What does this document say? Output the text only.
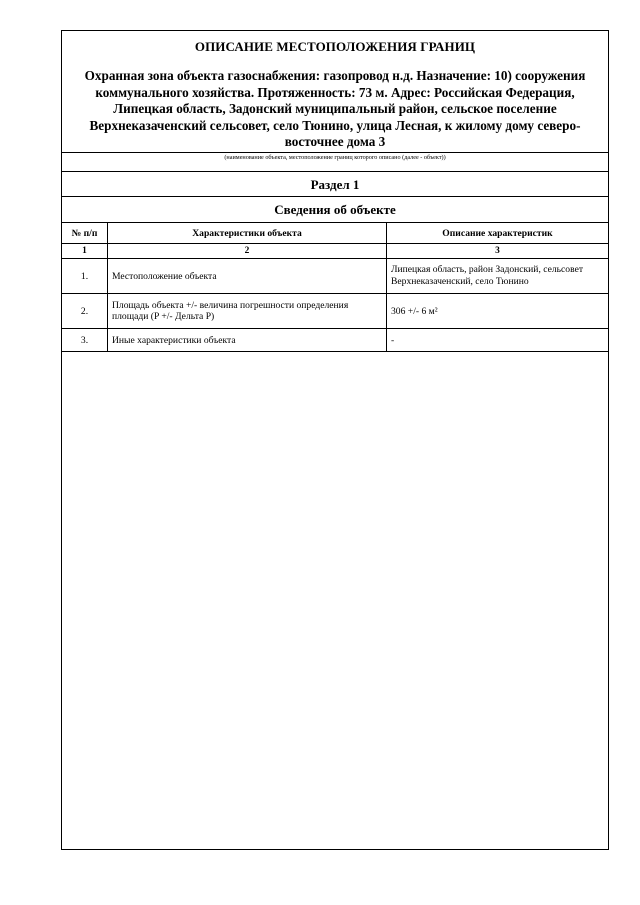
ОПИСАНИЕ МЕСТОПОЛОЖЕНИЯ ГРАНИЦ
Охранная зона объекта газоснабжения: газопровод н.д. Назначение: 10) сооружения коммунального хозяйства. Протяженность: 73 м. Адрес: Российская Федерация, Липецкая область, Задонский муниципальный район, сельское поселение Верхнеказаченский сельсовет, село Тюнино, улица Лесная, к жилому дому северо-восточнее дома 3
(наименование объекта, местоположение границ которого описано (далее - объект))
Раздел 1
Сведения об объекте
№ п/п	Характеристики объекта	Описание характеристик
1	2	3
1.	Местоположение объекта	Липецкая область, район Задонский, сельсовет Верхнеказаченский, село Тюнино
2.	Площадь объекта +/- величина погрешности определения площади (P +/- Дельта P)	306 +/- 6 м²
3.	Иные характеристики объекта	-
